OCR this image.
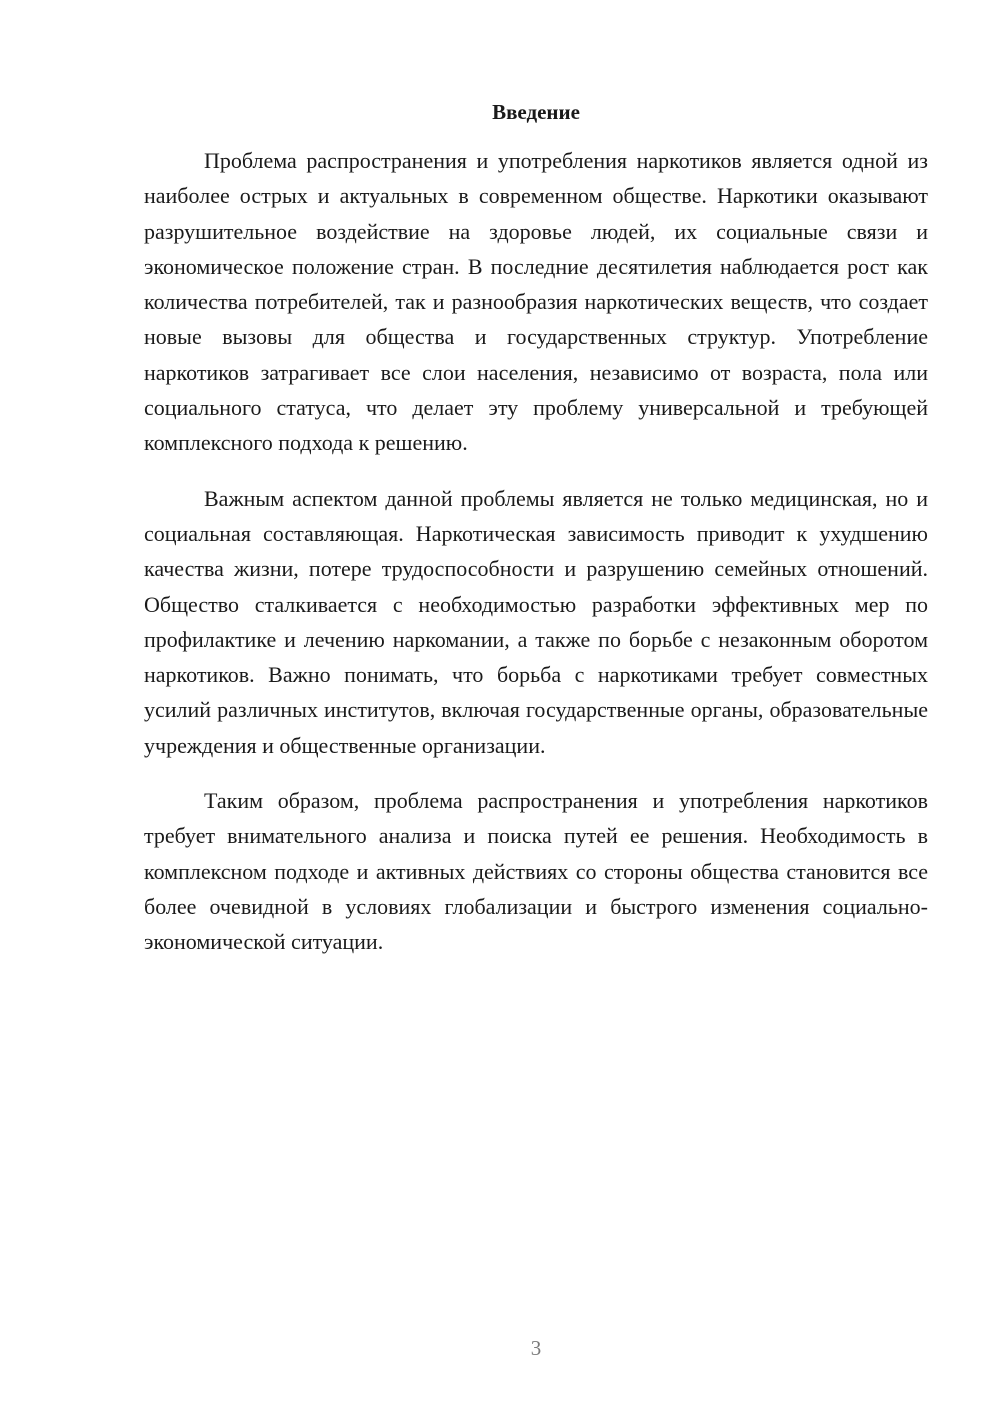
Введение

Проблема распространения и употребления наркотиков является одной из наиболее острых и актуальных в современном обществе. Наркотики оказывают разрушительное воздействие на здоровье людей, их социальные связи и экономическое положение стран. В последние десятилетия наблюдается рост как количества потребителей, так и разнообразия наркотических веществ, что создает новые вызовы для общества и государственных структур. Употребление наркотиков затрагивает все слои населения, независимо от возраста, пола или социального статуса, что делает эту проблему универсальной и требующей комплексного подхода к решению.

Важным аспектом данной проблемы является не только медицинская, но и социальная составляющая. Наркотическая зависимость приводит к ухудшению качества жизни, потере трудоспособности и разрушению семейных отношений. Общество сталкивается с необходимостью разработки эффективных мер по профилактике и лечению наркомании, а также по борьбе с незаконным оборотом наркотиков. Важно понимать, что борьба с наркотиками требует совместных усилий различных институтов, включая государственные органы, образовательные учреждения и общественные организации.

Таким образом, проблема распространения и употребления наркотиков требует внимательного анализа и поиска путей ее решения. Необходимость в комплексном подходе и активных действиях со стороны общества становится все более очевидной в условиях глобализации и быстрого изменения социально-экономической ситуации.

3
